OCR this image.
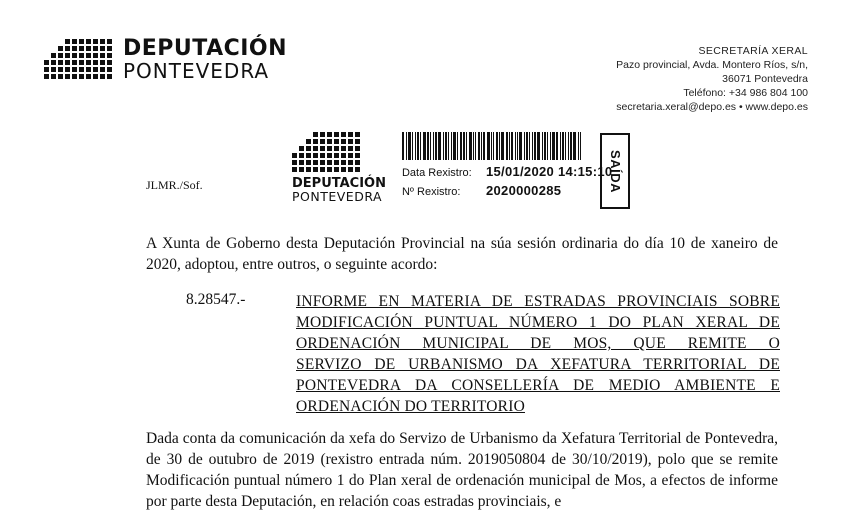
DEPUTACIÓN
PONTEVEDRA
SECRETARÍA XERAL
Pazo provincial, Avda. Montero Ríos, s/n,
36071 Pontevedra
Teléfono: +34 986 804 100
secretaria.xeral@depo.es • www.depo.es
DEPUTACIÓN
PONTEVEDRA
Data Rexistro:	15/01/2020 14:15:10
Nº Rexistro:	2020000285	SAÍDA
JLMR./Sof.
A Xunta de Goberno desta Deputación Provincial na súa sesión ordinaria do día 10 de xaneiro de 2020, adoptou, entre outros, o seguinte acordo:
8.28547.-	INFORME EN MATERIA DE ESTRADAS PROVINCIAIS SOBRE
MODIFICACIÓN PUNTUAL NÚMERO 1 DO PLAN XERAL DE
ORDENACIÓN MUNICIPAL DE MOS, QUE REMITE O
SERVIZO DE URBANISMO DA XEFATURA TERRITORIAL DE
PONTEVEDRA DA CONSELLERÍA DE MEDIO AMBIENTE E
ORDENACIÓN DO TERRITORIO
Dada conta da comunicación da xefa do Servizo de Urbanismo da Xefatura Territorial de Pontevedra, de 30 de outubro de 2019 (rexistro entrada núm. 2019050804 de 30/10/2019), polo que se remite Modificación puntual número 1 do Plan xeral de ordenación municipal de Mos, a efectos de informe por parte desta Deputación, en relación coas estradas provinciais, e
